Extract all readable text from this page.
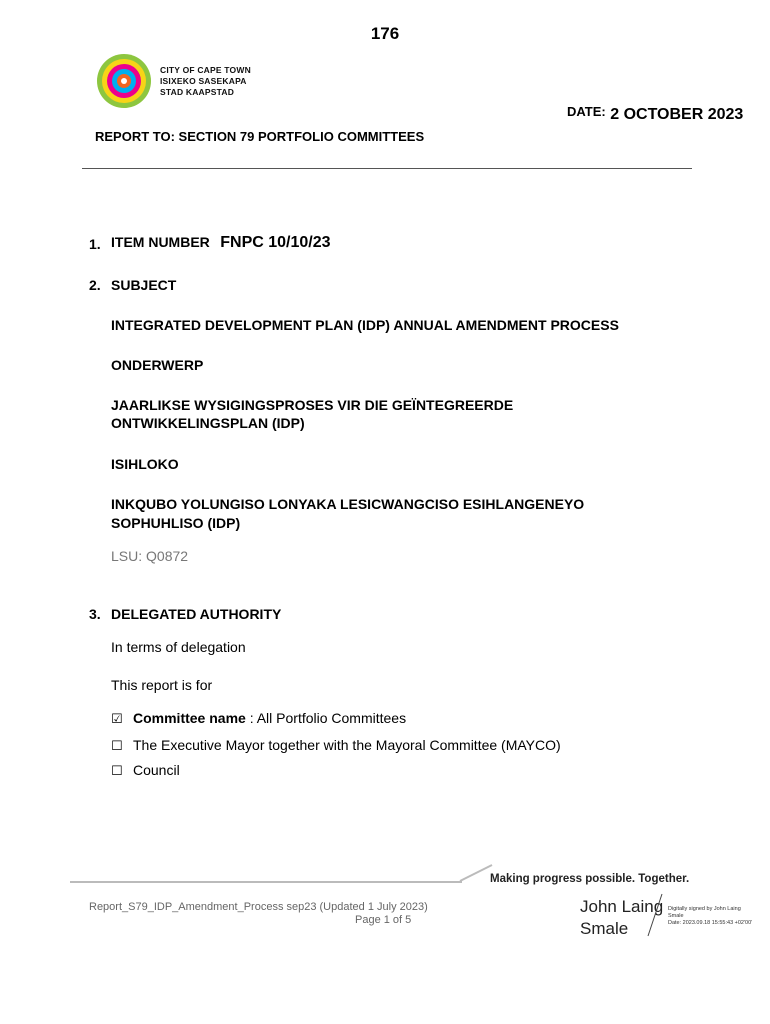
176
CITY OF CAPE TOWN
ISIXEKO SASEKAPA
STAD KAAPSTAD
DATE: 2 OCTOBER 2023
REPORT TO: SECTION 79 PORTFOLIO COMMITTEES
1. ITEM NUMBER FNPC 10/10/23
2. SUBJECT
INTEGRATED DEVELOPMENT PLAN (IDP) ANNUAL AMENDMENT PROCESS
ONDERWERP
JAARLIKSE WYSIGINGSPROSES VIR DIE GEÏNTEGREERDE
ONTWIKKELINGSPLAN (IDP)
ISIHLOKO
INKQUBO YOLUNGISO LONYAKA LESICWANGCISO ESIHLANGENEYO
SOPHUHLISO (IDP)
LSU: Q0872
3. DELEGATED AUTHORITY
In terms of delegation
This report is for
☑ Committee name : All Portfolio Committees
☐ The Executive Mayor together with the Mayoral Committee (MAYCO)
☐ Council
Making progress possible. Together.
Report_S79_IDP_Amendment_Process sep23 (Updated 1 July 2023)
Page 1 of 5
John Laing
Smale
Digitally signed by John Laing
Smale
Date: 2023.09.18 15:55:43 +02'00'
